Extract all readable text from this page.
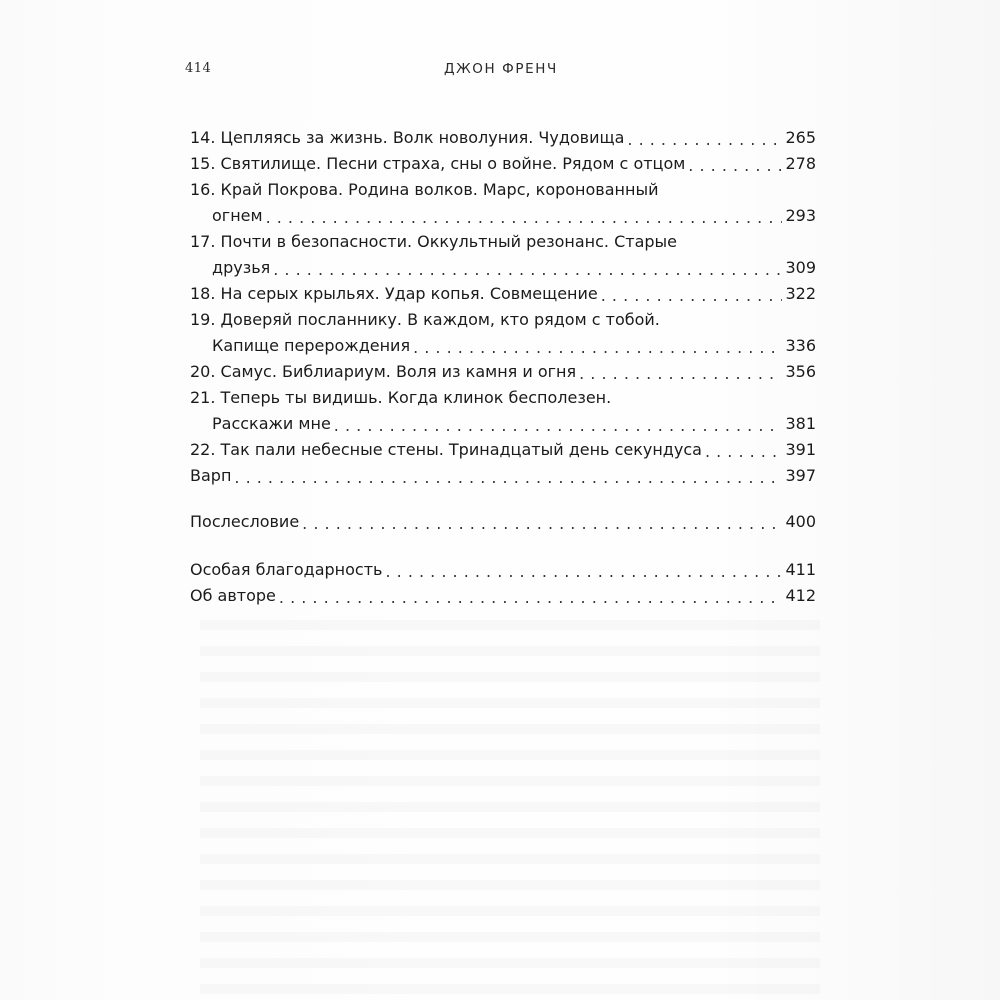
414	ДЖОН ФРЕНЧ
14. Цепляясь за жизнь. Волк новолуния. Чудовища . . .	265
15. Святилище. Песни страха, сны о войне. Рядом с отцом . . .	278
16. Край Покрова. Родина волков. Марс, коронованный
огнем . . .	293
17. Почти в безопасности. Оккультный резонанс. Старые
друзья . . .	309
18. На серых крыльях. Удар копья. Совмещение . . .	322
19. Доверяй посланнику. В каждом, кто рядом с тобой.
Капище перерождения . . .	336
20. Самус. Библиариум. Воля из камня и огня . . .	356
21. Теперь ты видишь. Когда клинок бесполезен.
Расскажи мне . . .	381
22. Так пали небесные стены. Тринадцатый день секундуса . . .	391
Варп . . .	397
Послесловие . . .	400
Особая благодарность . . .	411
Об авторе . . .	412
